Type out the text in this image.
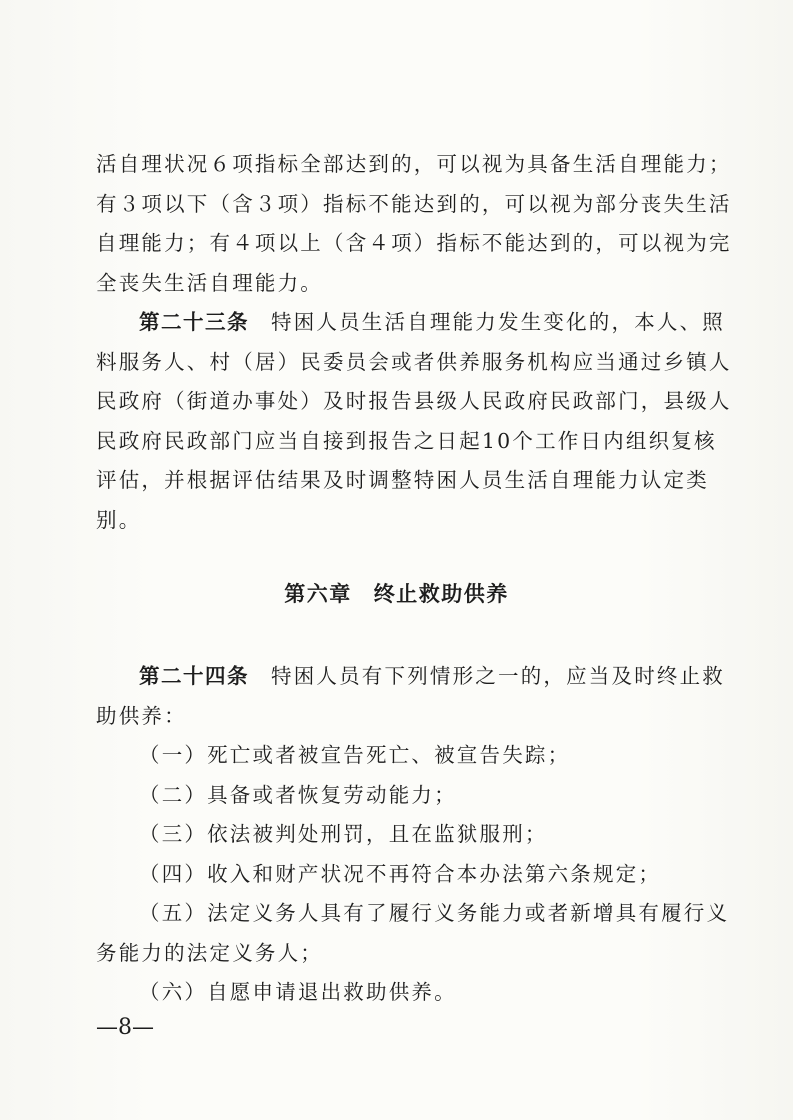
活自理状况６项指标全部达到的，可以视为具备生活自理能力；
有３项以下（含３项）指标不能达到的，可以视为部分丧失生活
自理能力；有４项以上（含４项）指标不能达到的，可以视为完
全丧失生活自理能力。
第二十三条 特困人员生活自理能力发生变化的，本人、照
料服务人、村（居）民委员会或者供养服务机构应当通过乡镇人
民政府（街道办事处）及时报告县级人民政府民政部门，县级人
民政府民政部门应当自接到报告之日起10个工作日内组织复核
评估，并根据评估结果及时调整特困人员生活自理能力认定类
别。
第六章 终止救助供养
第二十四条 特困人员有下列情形之一的，应当及时终止救
助供养：
（一）死亡或者被宣告死亡、被宣告失踪；
（二）具备或者恢复劳动能力；
（三）依法被判处刑罚，且在监狱服刑；
（四）收入和财产状况不再符合本办法第六条规定；
（五）法定义务人具有了履行义务能力或者新增具有履行义
务能力的法定义务人；
（六）自愿申请退出救助供养。
—8—
